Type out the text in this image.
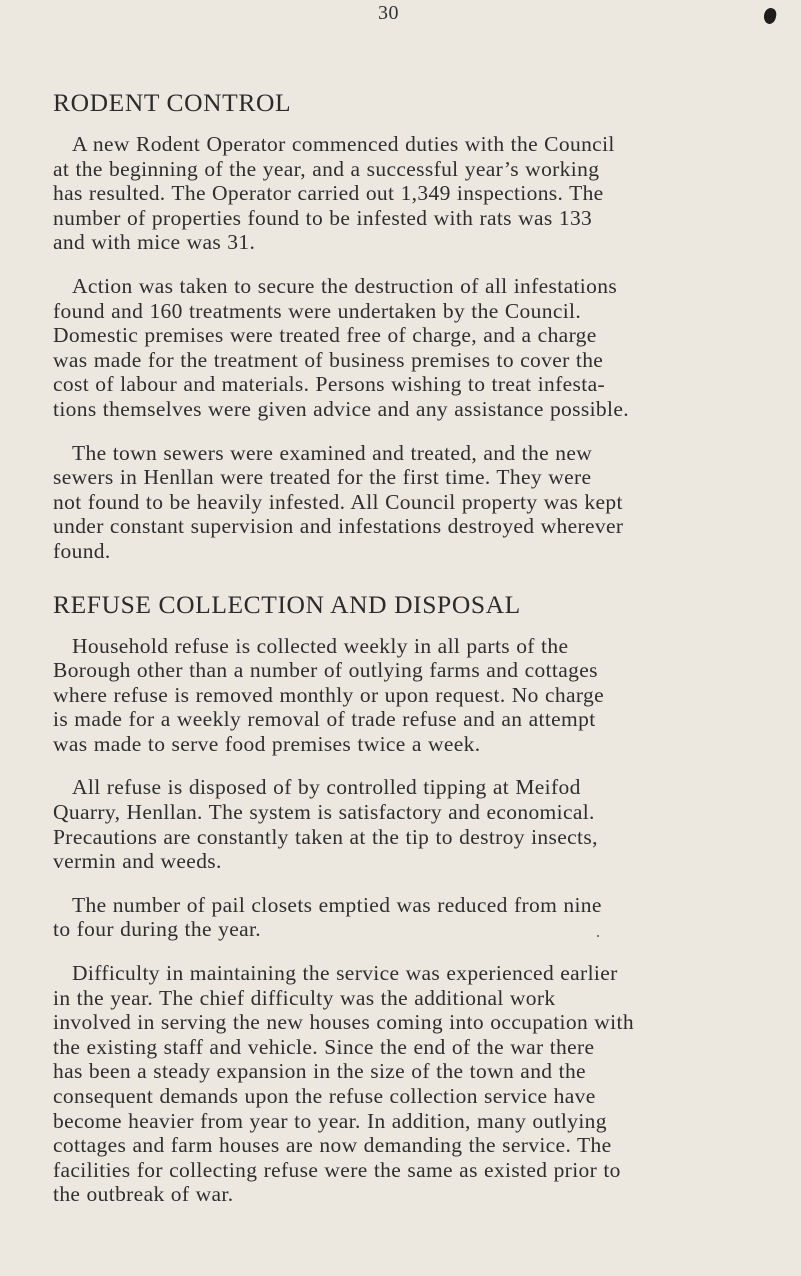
30
RODENT CONTROL

A new Rodent Operator commenced duties with the Council
at the beginning of the year, and a successful year’s working
has resulted. The Operator carried out 1,349 inspections. The
number of properties found to be infested with rats was 133
and with mice was 31.

Action was taken to secure the destruction of all infestations
found and 160 treatments were undertaken by the Council.
Domestic premises were treated free of charge, and a charge
was made for the treatment of business premises to cover the
cost of labour and materials. Persons wishing to treat infesta-
tions themselves were given advice and any assistance possible.

The town sewers were examined and treated, and the new
sewers in Henllan were treated for the first time. They were
not found to be heavily infested. All Council property was kept
under constant supervision and infestations destroyed wherever
found.

REFUSE COLLECTION AND DISPOSAL

Household refuse is collected weekly in all parts of the
Borough other than a number of outlying farms and cottages
where refuse is removed monthly or upon request. No charge
is made for a weekly removal of trade refuse and an attempt
was made to serve food premises twice a week.

All refuse is disposed of by controlled tipping at Meifod
Quarry, Henllan. The system is satisfactory and economical.
Precautions are constantly taken at the tip to destroy insects,
vermin and weeds.

The number of pail closets emptied was reduced from nine
to four during the year.

Difficulty in maintaining the service was experienced earlier
in the year. The chief difficulty was the additional work
involved in serving the new houses coming into occupation with
the existing staff and vehicle. Since the end of the war there
has been a steady expansion in the size of the town and the
consequent demands upon the refuse collection service have
become heavier from year to year. In addition, many outlying
cottages and farm houses are now demanding the service. The
facilities for collecting refuse were the same as existed prior to
the outbreak of war.
